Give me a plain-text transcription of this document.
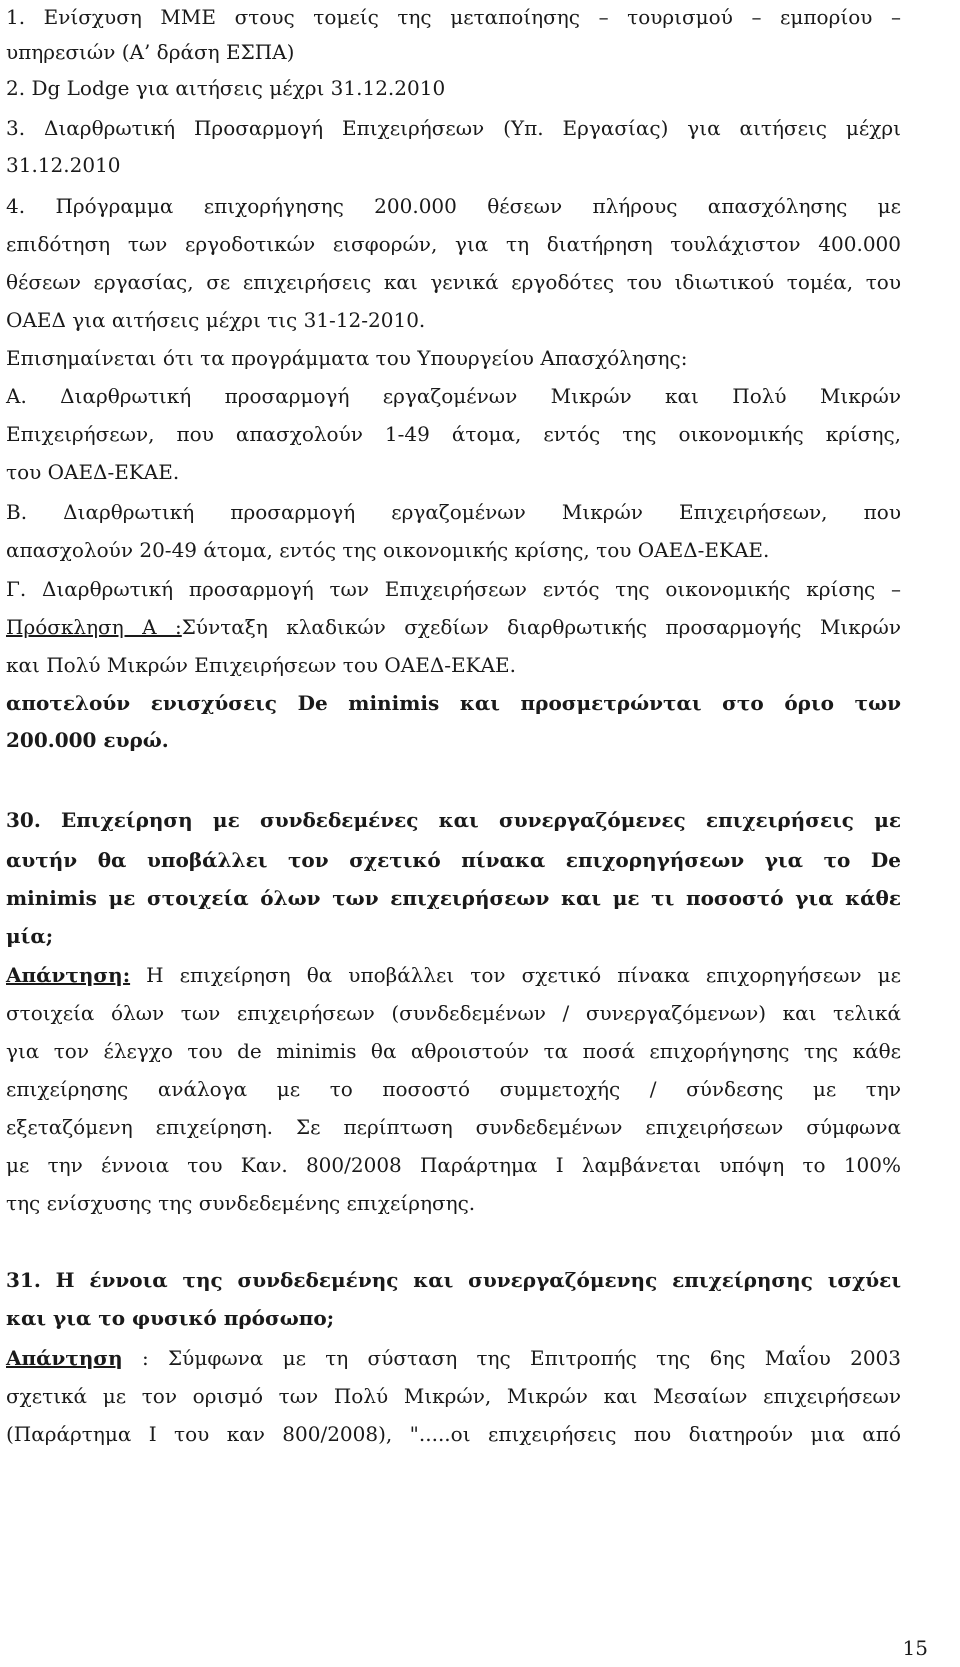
1. Ενίσχυση ΜΜΕ στους τομείς της μεταποίησης – τουρισμού – εμπορίου –
υπηρεσιών (Α’ δράση ΕΣΠΑ)
2. Dg Lodge για αιτήσεις μέχρι 31.12.2010
3. Διαρθρωτική Προσαρμογή Επιχειρήσεων (Υπ. Εργασίας) για αιτήσεις μέχρι
31.12.2010
4. Πρόγραμμα επιχορήγησης 200.000 θέσεων πλήρους απασχόλησης με
επιδότηση των εργοδοτικών εισφορών, για τη διατήρηση τουλάχιστον 400.000
θέσεων εργασίας, σε επιχειρήσεις και γενικά εργοδότες του ιδιωτικού τομέα, του
ΟΑΕΔ για αιτήσεις μέχρι τις 31-12-2010.
Επισημαίνεται ότι τα προγράμματα του Υπουργείου Απασχόλησης:
Α. Διαρθρωτική προσαρμογή εργαζομένων Μικρών και Πολύ Μικρών
Επιχειρήσεων, που απασχολούν 1-49 άτομα, εντός της οικονομικής κρίσης,
του ΟΑΕΔ-ΕΚΑΕ.
Β. Διαρθρωτική προσαρμογή εργαζομένων Μικρών Επιχειρήσεων, που
απασχολούν 20-49 άτομα, εντός της οικονομικής κρίσης, του ΟΑΕΔ-ΕΚΑΕ.
Γ. Διαρθρωτική προσαρμογή των Επιχειρήσεων εντός της οικονομικής κρίσης –
Πρόσκληση Α :Σύνταξη κλαδικών σχεδίων διαρθρωτικής προσαρμογής Μικρών
και Πολύ Μικρών Επιχειρήσεων του ΟΑΕΔ-ΕΚΑΕ.
αποτελούν ενισχύσεις De minimis και προσμετρώνται στο όριο των
200.000 ευρώ.
30. Επιχείρηση με συνδεδεμένες και συνεργαζόμενες επιχειρήσεις με
αυτήν θα υποβάλλει τον σχετικό πίνακα επιχορηγήσεων για το De
minimis με στοιχεία όλων των επιχειρήσεων και με τι ποσοστό για κάθε
μία;
Απάντηση: Η επιχείρηση θα υποβάλλει τον σχετικό πίνακα επιχορηγήσεων με
στοιχεία όλων των επιχειρήσεων (συνδεδεμένων / συνεργαζόμενων) και τελικά
για τον έλεγχο του de minimis θα αθροιστούν τα ποσά επιχορήγησης της κάθε
επιχείρησης ανάλογα με το ποσοστό συμμετοχής / σύνδεσης με την
εξεταζόμενη επιχείρηση. Σε περίπτωση συνδεδεμένων επιχειρήσεων σύμφωνα
με την έννοια του Καν. 800/2008 Παράρτημα Ι λαμβάνεται υπόψη το 100%
της ενίσχυσης της συνδεδεμένης επιχείρησης.
31. Η έννοια της συνδεδεμένης και συνεργαζόμενης επιχείρησης ισχύει
και για το φυσικό πρόσωπο;
Απάντηση : Σύμφωνα με τη σύσταση της Επιτροπής της 6ης Μαΐου 2003
σχετικά με τον ορισμό των Πολύ Μικρών, Μικρών και Μεσαίων επιχειρήσεων
(Παράρτημα Ι του καν 800/2008), ".....οι επιχειρήσεις που διατηρούν μια από
15
